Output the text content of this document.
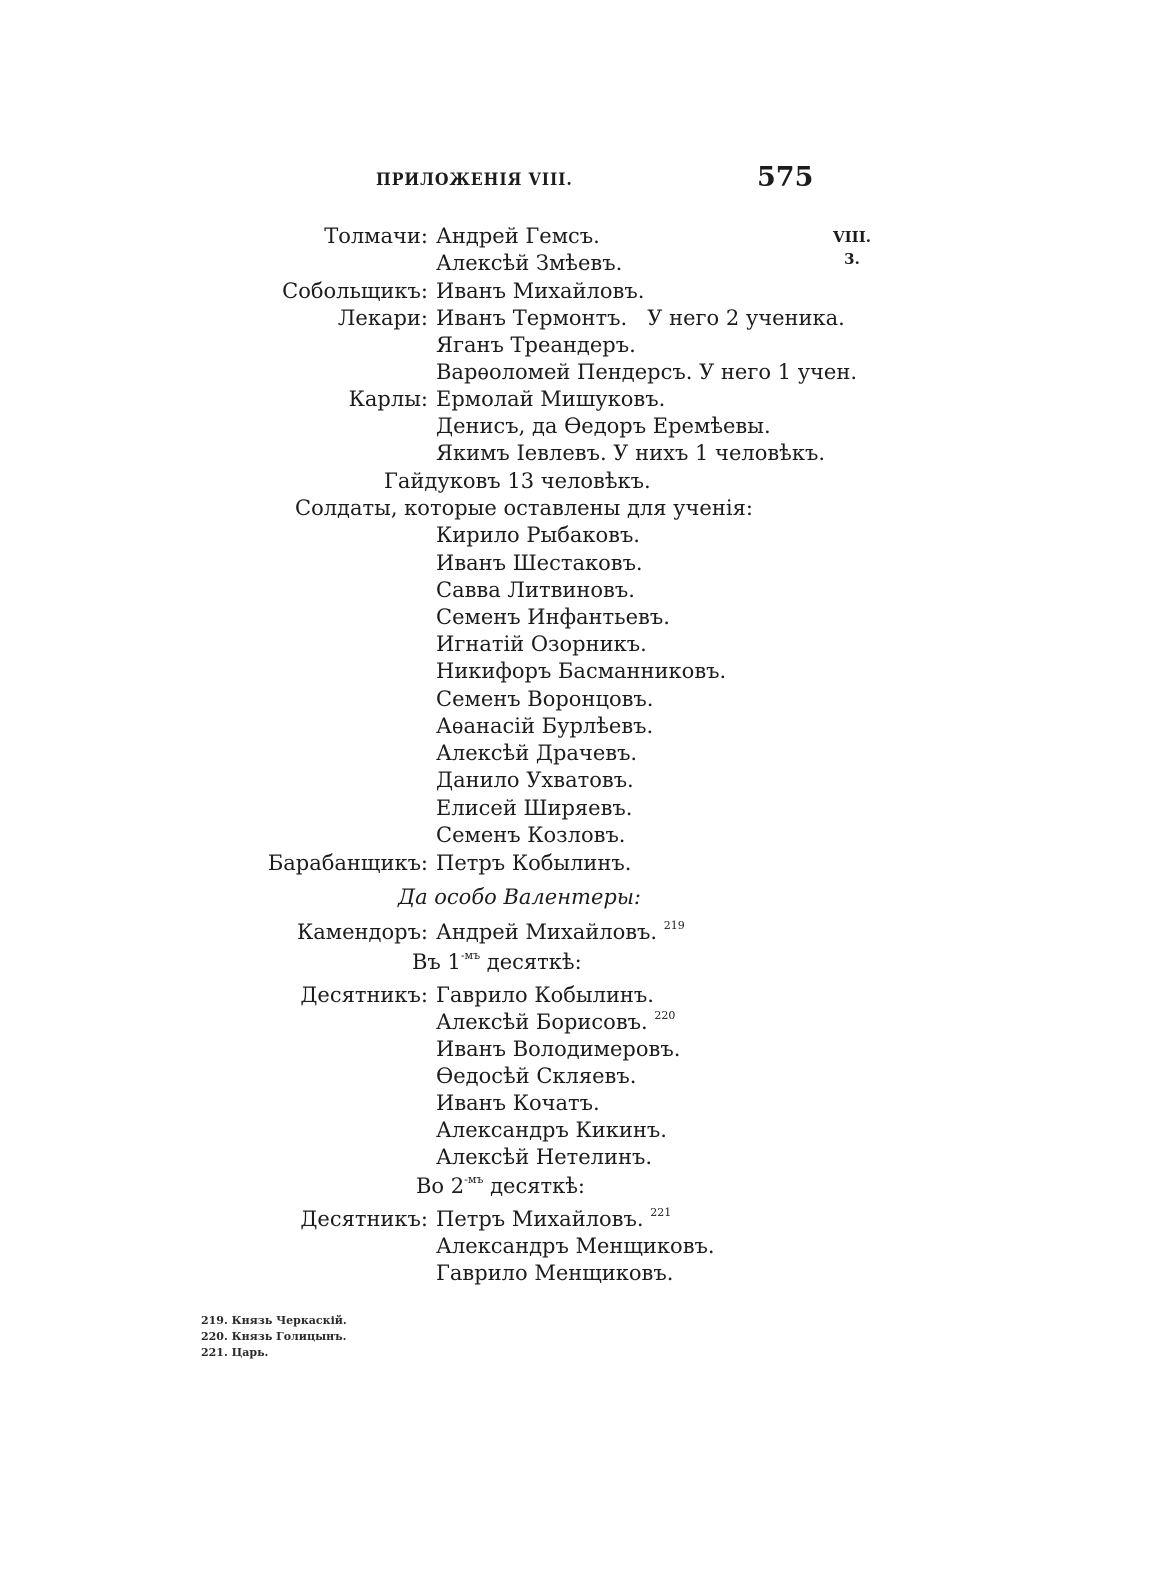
ПРИЛОЖЕНІЯ VIII.	575
VIII.
3.
Толмачи: Андрей Гемсъ.
Алексѣй Змѣевъ.
Собольщикъ: Иванъ Михайловъ.
Лекари: Иванъ Термонтъ.   У него 2 ученика.
Яганъ Треандеръ.
Варѳоломей Пендерсъ. У него 1 учен.
Карлы: Ермолай Мишуковъ.
Денисъ, да Ѳедоръ Еремѣевы.
Якимъ Іевлевъ. У нихъ 1 человѣкъ.
Гайдуковъ 13 человѣкъ.
Солдаты, которые оставлены для ученія:
Кирило Рыбаковъ.
Иванъ Шестаковъ.
Савва Литвиновъ.
Семенъ Инфантьевъ.
Игнатій Озорникъ.
Никифоръ Басманниковъ.
Семенъ Воронцовъ.
Аѳанасій Бурлѣевъ.
Алексѣй Драчевъ.
Данило Ухватовъ.
Елисей Ширяевъ.
Семенъ Козловъ.
Барабанщикъ: Петръ Кобылинъ.
Да особо Валентеры:
Камендоръ: Андрей Михайловъ. $^{219}$
Въ $1^{-мъ}$ десяткѣ:
Десятникъ: Гаврило Кобылинъ.
Алексѣй Борисовъ. $^{220}$
Иванъ Володимеровъ.
Ѳедосѣй Скляевъ.
Иванъ Кочатъ.
Александръ Кикинъ.
Алексѣй Нетелинъ.
Во $2^{-мъ}$ десяткѣ:
Десятникъ: Петръ Михайловъ. $^{221}$
Александръ Менщиковъ.
Гаврило Менщиковъ.
219. Князь Черкаскій.
220. Князь Голицынъ.
221. Царь.
